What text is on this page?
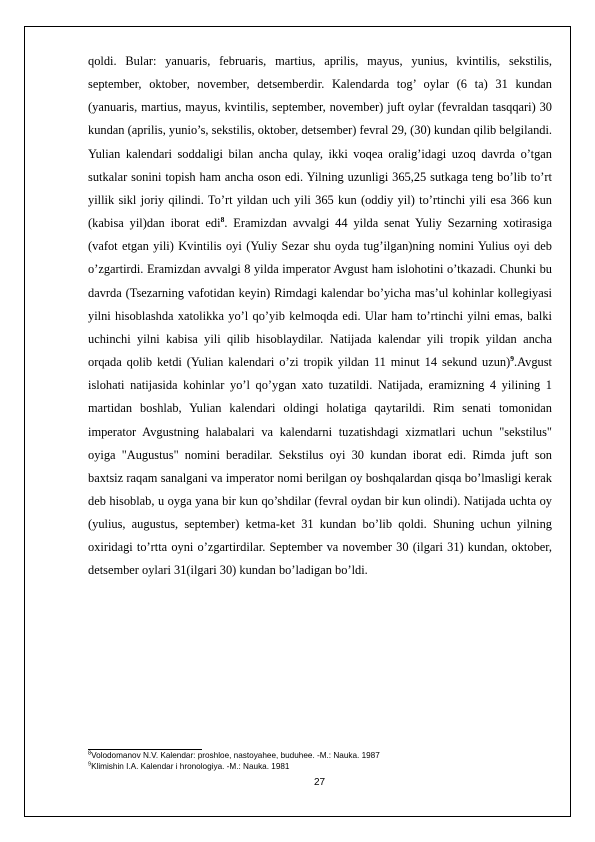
qoldi. Bular: yanuaris, februaris, martius, aprilis, mayus, yunius, kvintilis, sekstilis, september, oktober, november, detsemberdir. Kalendarda tog’ oylar (6 ta) 31 kundan (yanuaris, martius, mayus, kvintilis, september, november) juft oylar (fevraldan tasqqari) 30 kundan (aprilis, yunio’s, sekstilis, oktober, detsember) fevral 29, (30) kundan qilib belgilandi. Yulian kalendari soddaligi bilan ancha qulay, ikki voqea oralig’idagi uzoq davrda o’tgan sutkalar sonini topish ham ancha oson edi. Yilning uzunligi 365,25 sutkaga teng bo’lib to’rt yillik sikl joriy qilindi. To’rt yildan uch yili 365 kun (oddiy yil) to’rtinchi yili esa 366 kun (kabisa yil)dan iborat edi$^8$. Eramizdan avvalgi 44 yilda senat Yuliy Sezarning xotirasiga (vafot etgan yili) Kvintilis oyi (Yuliy Sezar shu oyda tug’ilgan)ning nomini Yulius oyi deb o’zgartirdi. Eramizdan avvalgi 8 yilda imperator Avgust ham islohotini o’tkazadi. Chunki bu davrda (Tsezarning vafotidan keyin) Rimdagi kalendar bo’yicha mas’ul kohinlar kollegiyasi yilni hisoblashda xatolikka yo’l qo’yib kelmoqda edi. Ular ham to’rtinchi yilni emas, balki uchinchi yilni kabisa yili qilib hisoblaydilar. Natijada kalendar yili tropik yildan ancha orqada qolib ketdi (Yulian kalendari o’zi tropik yildan 11 minut 14 sekund uzun)$^9$.Avgust islohati natijasida kohinlar yo’l qo’ygan xato tuzatildi. Natijada, eramizning 4 yilining 1 martidan boshlab, Yulian kalendari oldingi holatiga qaytarildi. Rim senati tomonidan imperator Avgustning halabalari va kalendarni tuzatishdagi xizmatlari uchun "sekstilus" oyiga "Augustus" nomini beradilar. Sekstilus oyi 30 kundan iborat edi. Rimda juft son baxtsiz raqam sanalgani va imperator nomi berilgan oy boshqalardan qisqa bo’lmasligi kerak deb hisoblab, u oyga yana bir kun qo’shdilar (fevral oydan bir kun olindi). Natijada uchta oy (yulius, augustus, september) ketma-ket 31 kundan bo’lib qoldi. Shuning uchun yilning oxiridagi to’rtta oyni o’zgartirdilar. September va november 30 (ilgari 31) kundan, oktober, detsember oylari 31(ilgari 30) kundan bo’ladigan bo’ldi.

$^8$Volodomanov N.V. Kalendar: proshloe, nastoyahee, buduhee. -M.: Nauka. 1987
$^9$Klimishin I.A. Kalendar i hronologiya. -M.: Nauka. 1981
27
